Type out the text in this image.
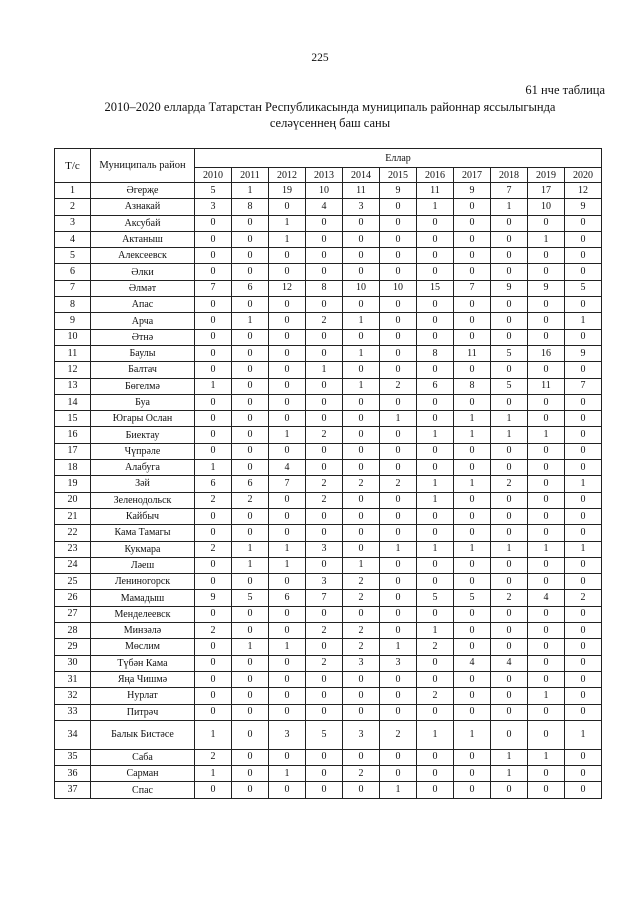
225
61 нче таблица
2010–2020 елларда Татарстан Республикасында муниципаль районнар яссылыгында
селәүсеннең баш саны
Т/с	Муниципаль район	Еллар										
		2010	2011	2012	2013	2014	2015	2016	2017	2018	2019	2020
1	Әгерҗе	5	1	19	10	11	9	11	9	7	17	12
2	Азнакай	3	8	0	4	3	0	1	0	1	10	9
3	Аксубай	0	0	1	0	0	0	0	0	0	0	0
4	Актаныш	0	0	1	0	0	0	0	0	0	1	0
5	Алексеевск	0	0	0	0	0	0	0	0	0	0	0
6	Әлки	0	0	0	0	0	0	0	0	0	0	0
7	Әлмәт	7	6	12	8	10	10	15	7	9	9	5
8	Апас	0	0	0	0	0	0	0	0	0	0	0
9	Арча	0	1	0	2	1	0	0	0	0	0	1
10	Әтнә	0	0	0	0	0	0	0	0	0	0	0
11	Баулы	0	0	0	0	1	0	8	11	5	16	9
12	Балтач	0	0	0	1	0	0	0	0	0	0	0
13	Бөгелмә	1	0	0	0	1	2	6	8	5	11	7
14	Буа	0	0	0	0	0	0	0	0	0	0	0
15	Югары Ослан	0	0	0	0	0	1	0	1	1	0	0
16	Биектау	0	0	1	2	0	0	1	1	1	1	0
17	Чүпрәле	0	0	0	0	0	0	0	0	0	0	0
18	Алабуга	1	0	4	0	0	0	0	0	0	0	0
19	Зәй	6	6	7	2	2	2	1	1	2	0	1
20	Зеленодольск	2	2	0	2	0	0	1	0	0	0	0
21	Кайбыч	0	0	0	0	0	0	0	0	0	0	0
22	Кама Тамагы	0	0	0	0	0	0	0	0	0	0	0
23	Кукмара	2	1	1	3	0	1	1	1	1	1	1
24	Ләеш	0	1	1	0	1	0	0	0	0	0	0
25	Лениногорск	0	0	0	3	2	0	0	0	0	0	0
26	Мамадыш	9	5	6	7	2	0	5	5	2	4	2
27	Менделеевск	0	0	0	0	0	0	0	0	0	0	0
28	Минзәлә	2	0	0	2	2	0	1	0	0	0	0
29	Мөслим	0	1	1	0	2	1	2	0	0	0	0
30	Түбән Кама	0	0	0	2	3	3	0	4	4	0	0
31	Яңа Чишмә	0	0	0	0	0	0	0	0	0	0	0
32	Нурлат	0	0	0	0	0	0	2	0	0	1	0
33	Питрәч	0	0	0	0	0	0	0	0	0	0	0
34	Балык Бистәсе	1	0	3	5	3	2	1	1	0	0	1
35	Саба	2	0	0	0	0	0	0	0	1	1	0
36	Сарман	1	0	1	0	2	0	0	0	1	0	0
37	Спас	0	0	0	0	0	1	0	0	0	0	0
